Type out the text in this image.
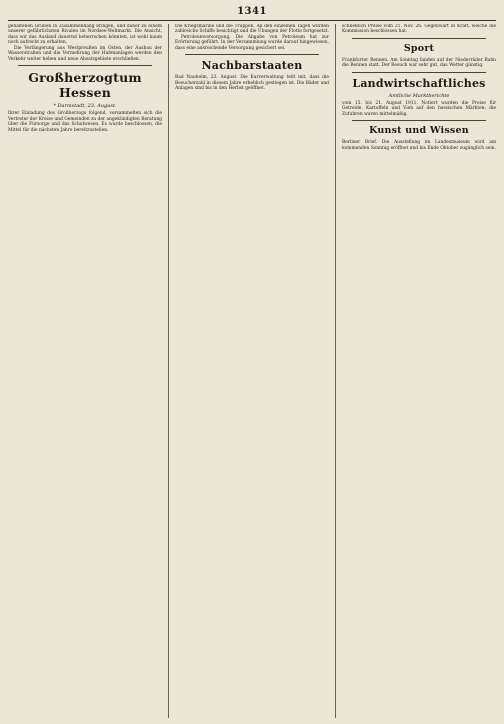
1341

gehaltenen Gruben in Zusammenhang bringen, und daher zu einem unserer gefährlichsten Rivalen im Nordsee-Weltmarkt. Die Ansicht, dass wir das Ausland dauernd beherrschen könnten, ist wohl kaum noch aufrecht zu erhalten.

Die Verlängerung aus Westpreußen im Osten, der Ausbau der Wasserstraßen und die Vermehrung der Hafenanlagen werden den Verkehr weiter heben und neue Absatzgebiete erschließen.

Großherzogtum Hessen
* Darmstadt, 23. August.

Ihrer Einladung des Großherzogs folgend, versammelten sich die Vertreter der Kreise und Gemeinden zu der angekündigten Beratung über die Fürsorge und das Schulwesen. Es wurde beschlossen, die Mittel für die nächsten Jahre bereitzustellen.

Die Kriegsmarine und die Truppen. An den einzelnen Tagen wurden zahlreiche Schiffe besichtigt und die Übungen der Flotte fortgesetzt.

Petroleumversorgung. Die Abgabe von Petroleum hat zur Erörterung geführt. In der Versammlung wurde darauf hingewiesen, dass eine ausreichende Versorgung gesichert sei.

Nachbarstaaten

Bad Nauheim, 23. August. Die Kurverwaltung teilt mit, dass die Besucherzahl in diesem Jahre erheblich gestiegen ist. Die Bäder und Anlagen sind bis in den Herbst geöffnet.

schließlich Preise vom 21. Nov. 26. Gegenwart in Kraft, welche die Kommission beschlossen hat.

Sport

Frankfurter Rennen. Am Sonntag fanden auf der Niederräder Bahn die Rennen statt. Der Besuch war sehr gut, das Wetter günstig.

Landwirtschaftliches
Amtliche Marktberichte

vom 15. bis 21. August 1911. Notiert wurden die Preise für Getreide, Kartoffeln und Vieh auf den hessischen Märkten; die Zufuhren waren mittelmäßig.

Kunst und Wissen

Berliner Brief. Die Ausstellung im Landesmuseum wird am kommenden Sonntag eröffnet und bis Ende Oktober zugänglich sein.
